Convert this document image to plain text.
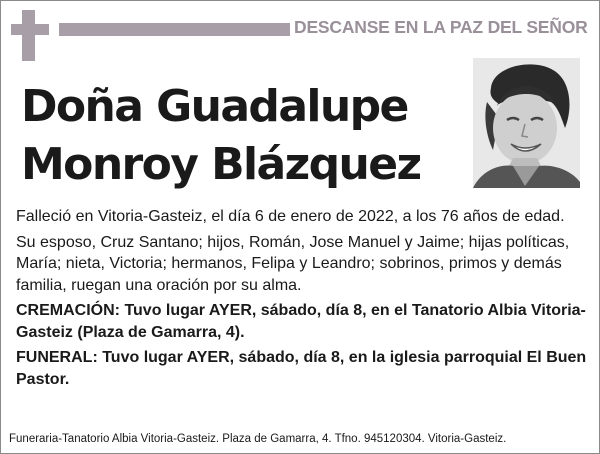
DESCANSE EN LA PAZ DEL SEÑOR
Doña Guadalupe
Monroy Blázquez

Falleció en Vitoria-Gasteiz, el día 6 de enero de 2022, a los 76 años de edad.

Su esposo, Cruz Santano; hijos, Román, Jose Manuel y Jaime; hijas políticas, María; nieta, Victoria; hermanos, Felipa y Leandro; sobrinos, primos y demás familia, ruegan una oración por su alma.

CREMACIÓN: Tuvo lugar AYER, sábado, día 8, en el Tanatorio Albia Vitoria-Gasteiz (Plaza de Gamarra, 4).

FUNERAL: Tuvo lugar AYER, sábado, día 8, en la iglesia parroquial El Buen Pastor.

Funeraria-Tanatorio Albia Vitoria-Gasteiz. Plaza de Gamarra, 4. Tfno. 945120304. Vitoria-Gasteiz.
